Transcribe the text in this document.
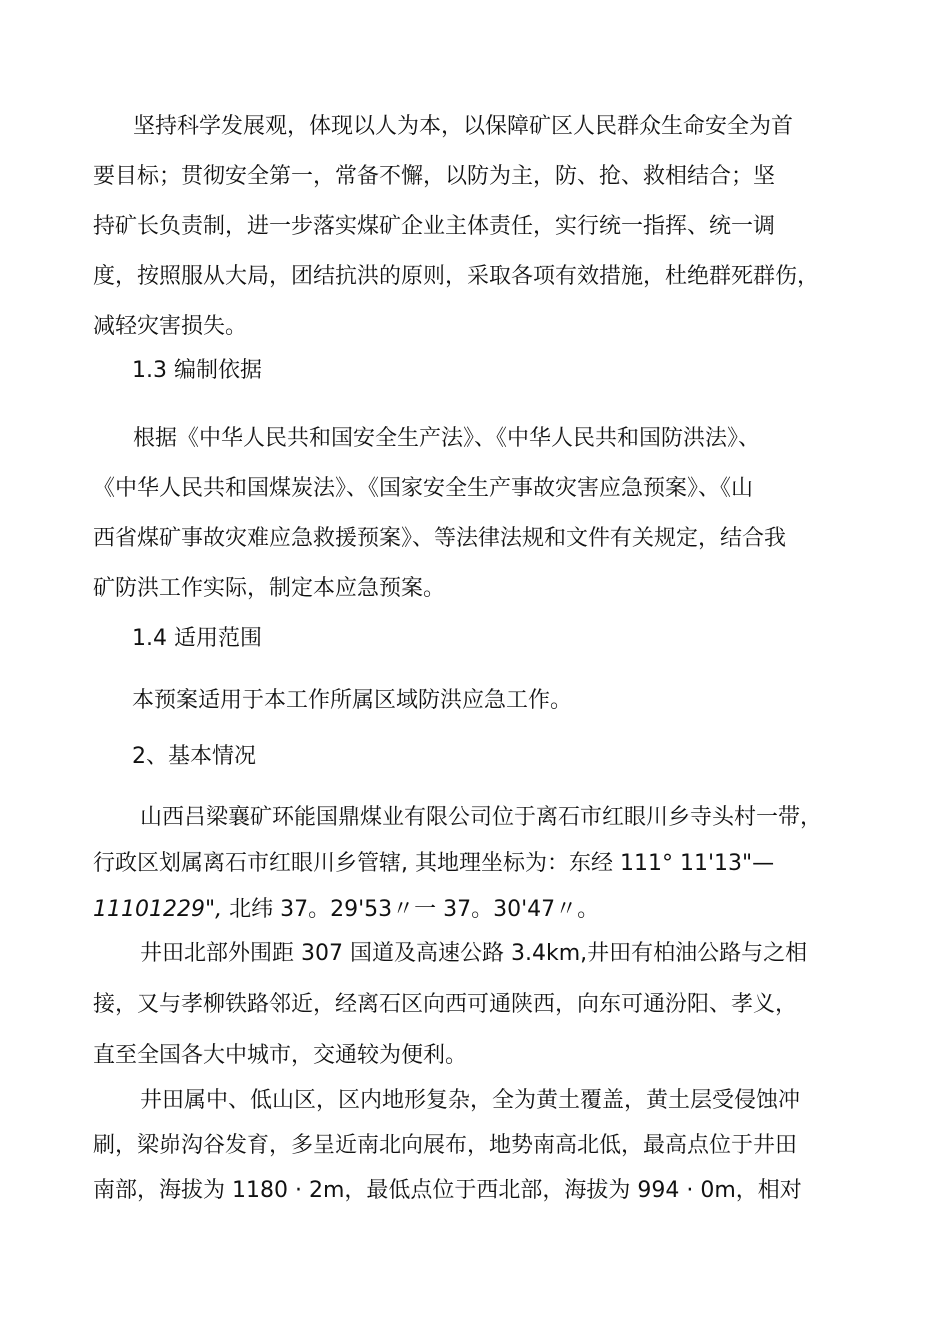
坚持科学发展观，体现以人为本，以保障矿区人民群众生命安全为首
要目标；贯彻安全第一，常备不懈，以防为主，防、抢、救相结合；坚
持矿长负责制，进一步落实煤矿企业主体责任，实行统一指挥、统一调
度，按照服从大局，团结抗洪的原则，采取各项有效措施，杜绝群死群伤，
减轻灾害损失。
1.3 编制依据
根据《中华人民共和国安全生产法》、《中华人民共和国防洪法》、
《中华人民共和国煤炭法》、《国家安全生产事故灾害应急预案》、《山
西省煤矿事故灾难应急救援预案》、等法律法规和文件有关规定，结合我
矿防洪工作实际，制定本应急预案。
1.4 适用范围
本预案适用于本工作所属区域防洪应急工作。
2、基本情况
山西吕梁襄矿环能国鼎煤业有限公司位于离石市红眼川乡寺头村一带，
行政区划属离石市红眼川乡管辖, 其地理坐标为：东经 111° 11'13"—
11101229", 北纬 37。29'53〃一 37。30'47〃。
井田北部外围距 307 国道及高速公路 3.4km,井田有柏油公路与之相
接，又与孝柳铁路邻近，经离石区向西可通陕西，向东可通汾阳、孝义，
直至全国各大中城市，交通较为便利。
井田属中、低山区，区内地形复杂，全为黄土覆盖，黄土层受侵蚀冲
刷，梁峁沟谷发育，多呈近南北向展布，地势南高北低，最高点位于井田
南部，海拔为 1180 · 2m，最低点位于西北部，海拔为 994 · 0m，相对
